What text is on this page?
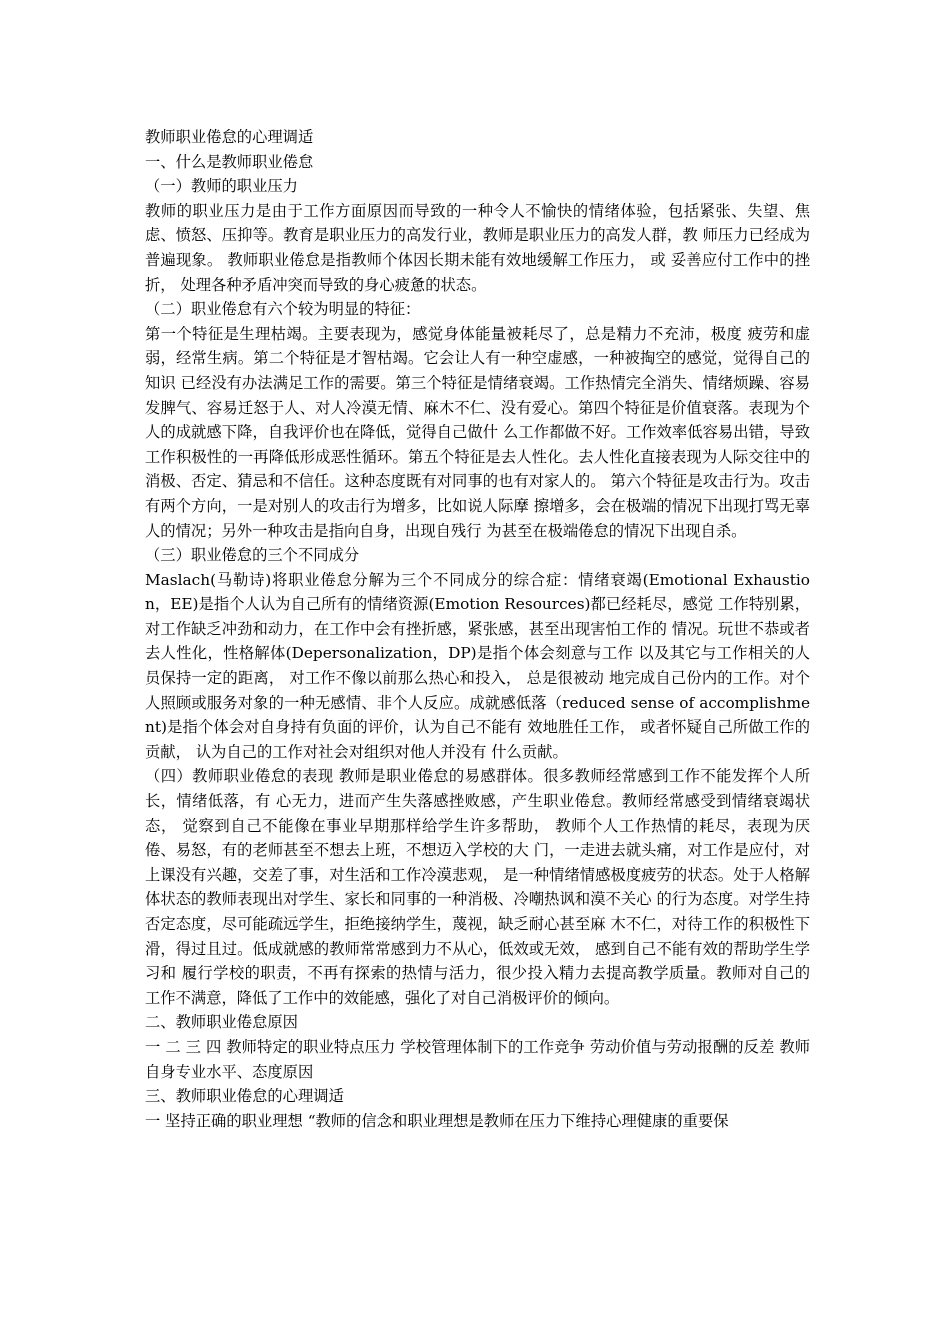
教师职业倦怠的心理调适

一、什么是教师职业倦怠

（一）教师的职业压力

教师的职业压力是由于工作方面原因而导致的一种令人不愉快的情绪体验，包括紧张、失望、焦虑、愤怒、压抑等。教育是职业压力的高发行业，教师是职业压力的高发人群，教 师压力已经成为普遍现象。 教师职业倦怠是指教师个体因长期未能有效地缓解工作压力， 或 妥善应付工作中的挫折， 处理各种矛盾冲突而导致的身心疲惫的状态。

（二）职业倦怠有六个较为明显的特征：

第一个特征是生理枯竭。主要表现为，感觉身体能量被耗尽了，总是精力不充沛，极度 疲劳和虚弱，经常生病。第二个特征是才智枯竭。它会让人有一种空虚感，一种被掏空的感觉，觉得自己的知识 已经没有办法满足工作的需要。第三个特征是情绪衰竭。工作热情完全消失、情绪烦躁、容易发脾气、容易迁怒于人、对人冷漠无情、麻木不仁、没有爱心。第四个特征是价值衰落。表现为个人的成就感下降，自我评价也在降低，觉得自己做什 么工作都做不好。工作效率低容易出错，导致工作积极性的一再降低形成恶性循环。第五个特征是去人性化。去人性化直接表现为人际交往中的消极、否定、猜忌和不信任。这种态度既有对同事的也有对家人的。 第六个特征是攻击行为。攻击有两个方向，一是对别人的攻击行为增多，比如说人际摩 擦增多，会在极端的情况下出现打骂无辜人的情况；另外一种攻击是指向自身，出现自残行 为甚至在极端倦怠的情况下出现自杀。

（三）职业倦怠的三个不同成分

Maslach(马勒诗)将职业倦怠分解为三个不同成分的综合症：情绪衰竭(Emotional Exhaustion，EE)是指个人认为自己所有的情绪资源(Emotion Resources)都已经耗尽，感觉 工作特别累，对工作缺乏冲劲和动力，在工作中会有挫折感，紧张感，甚至出现害怕工作的 情况。玩世不恭或者去人性化，性格解体(Depersonalization，DP)是指个体会刻意与工作 以及其它与工作相关的人员保持一定的距离， 对工作不像以前那么热心和投入， 总是很被动 地完成自己份内的工作。对个人照顾或服务对象的一种无感情、非个人反应。成就感低落（reduced sense of accomplishment)是指个体会对自身持有负面的评价，认为自己不能有 效地胜任工作， 或者怀疑自己所做工作的贡献， 认为自己的工作对社会对组织对他人并没有 什么贡献。

（四）教师职业倦怠的表现 教师是职业倦怠的易感群体。很多教师经常感到工作不能发挥个人所长，情绪低落，有 心无力，进而产生失落感挫败感，产生职业倦怠。教师经常感受到情绪衰竭状态， 觉察到自己不能像在事业早期那样给学生许多帮助， 教师个人工作热情的耗尽，表现为厌倦、易怒，有的老师甚至不想去上班，不想迈入学校的大 门，一走进去就头痛，对工作是应付，对上课没有兴趣，交差了事，对生活和工作冷漠悲观， 是一种情绪情感极度疲劳的状态。处于人格解体状态的教师表现出对学生、家长和同事的一种消极、冷嘲热讽和漠不关心 的行为态度。对学生持否定态度，尽可能疏远学生，拒绝接纳学生，蔑视，缺乏耐心甚至麻 木不仁，对待工作的积极性下滑，得过且过。低成就感的教师常常感到力不从心，低效或无效， 感到自己不能有效的帮助学生学习和 履行学校的职责，不再有探索的热情与活力，很少投入精力去提高教学质量。教师对自己的 工作不满意，降低了工作中的效能感，强化了对自己消极评价的倾向。

二、教师职业倦怠原因

一 二 三 四 教师特定的职业特点压力 学校管理体制下的工作竞争 劳动价值与劳动报酬的反差 教师自身专业水平、态度原因

三、教师职业倦怠的心理调适

一 坚持正确的职业理想 “教师的信念和职业理想是教师在压力下维持心理健康的重要保
